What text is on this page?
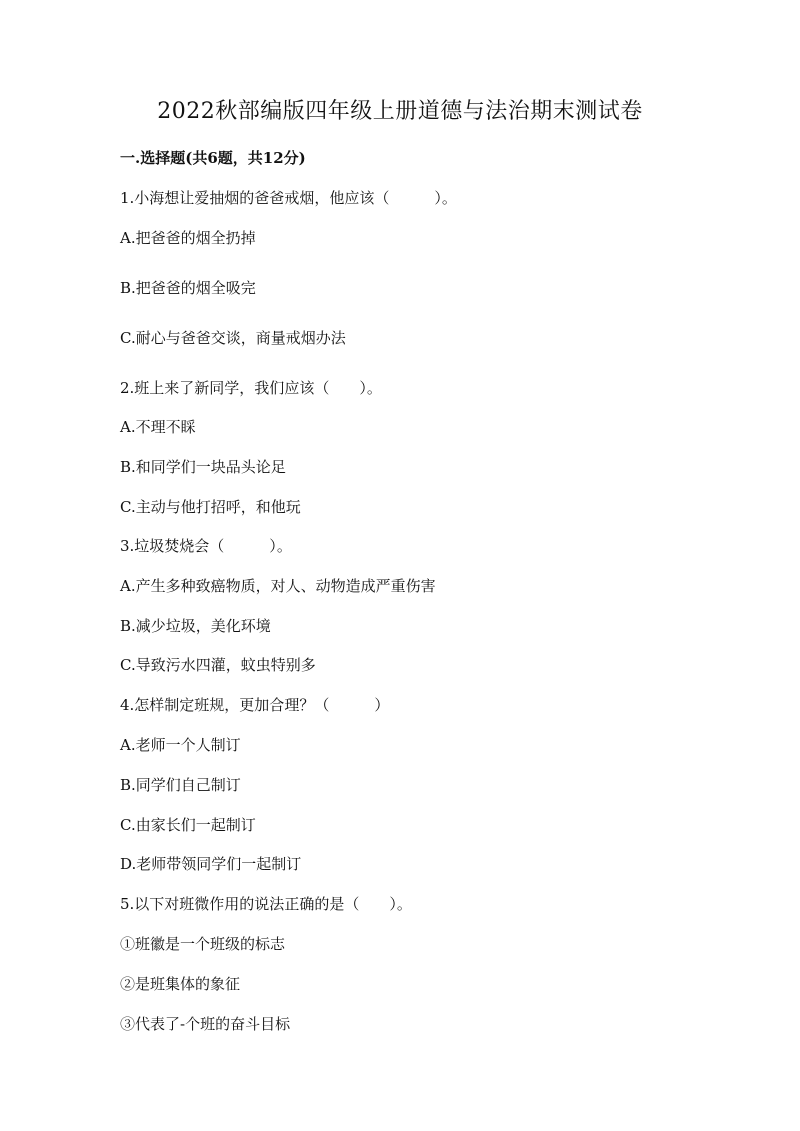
2022秋部编版四年级上册道德与法治期末测试卷
一.选择题(共6题，共12分)
1.小海想让爱抽烟的爸爸戒烟，他应该（　　　）。
A.把爸爸的烟全扔掉
B.把爸爸的烟全吸完
C.耐心与爸爸交谈，商量戒烟办法
2.班上来了新同学，我们应该（　　）。
A.不理不睬
B.和同学们一块品头论足
C.主动与他打招呼，和他玩
3.垃圾焚烧会（　　　）。
A.产生多种致癌物质，对人、动物造成严重伤害
B.减少垃圾，美化环境
C.导致污水四灌，蚊虫特别多
4.怎样制定班规，更加合理？（　　　）
A.老师一个人制订
B.同学们自己制订
C.由家长们一起制订
D.老师带领同学们一起制订
5.以下对班微作用的说法正确的是（　　）。
①班徽是一个班级的标志
②是班集体的象征
③代表了-个班的奋斗目标
